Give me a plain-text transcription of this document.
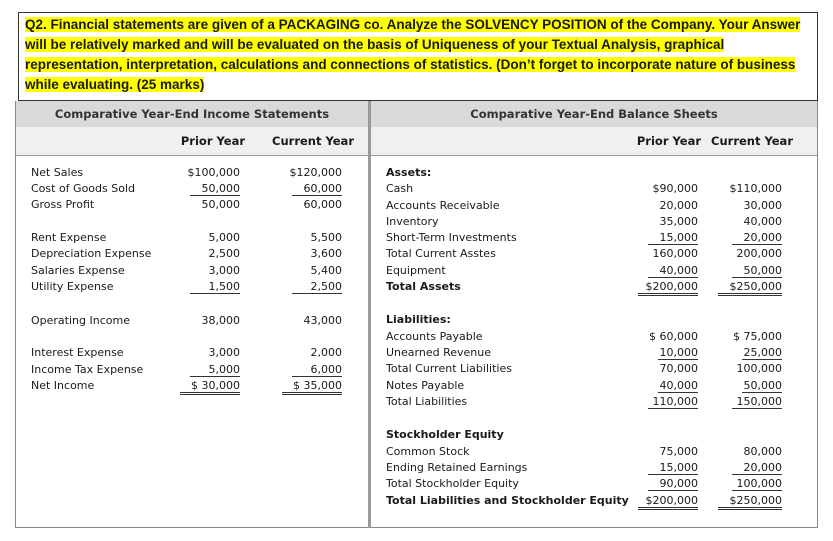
Q2. Financial statements are given of a PACKAGING co. Analyze the SOLVENCY POSITION of the Company. Your Answer will be relatively marked and will be evaluated on the basis of Uniqueness of your Textual Analysis, graphical representation, interpretation, calculations and connections of statistics. (Don’t forget to incorporate nature of business while evaluating. (25 marks)
Comparative Year-End Income Statements	Comparative Year-End Balance Sheets
Prior Year	Current Year	Prior Year Current Year
Net Sales	$100,000	$120,000
Cost of Goods Sold	50,000	60,000
Gross Profit	50,000	60,000
Rent Expense	5,000	5,500
Depreciation Expense	2,500	3,600
Salaries Expense	3,000	5,400
Utility Expense	1,500	2,500
Operating Income	38,000	43,000
Interest Expense	3,000	2,000
Income Tax Expense	5,000	6,000
Net Income	$ 30,000	$ 35,000
Assets:
Cash	$90,000	$110,000
Accounts Receivable	20,000	30,000
Inventory	35,000	40,000
Short-Term Investments	15,000	20,000
Total Current Asstes	160,000	200,000
Equipment	40,000	50,000
Total Assets	$200,000	$250,000
Liabilities:
Accounts Payable	$ 60,000	$ 75,000
Unearned Revenue	10,000	25,000
Total Current Liabilities	70,000	100,000
Notes Payable	40,000	50,000
Total Liabilities	110,000	150,000
Stockholder Equity
Common Stock	75,000	80,000
Ending Retained Earnings	15,000	20,000
Total Stockholder Equity	90,000	100,000
Total Liabilities and Stockholder Equity	$200,000	$250,000
